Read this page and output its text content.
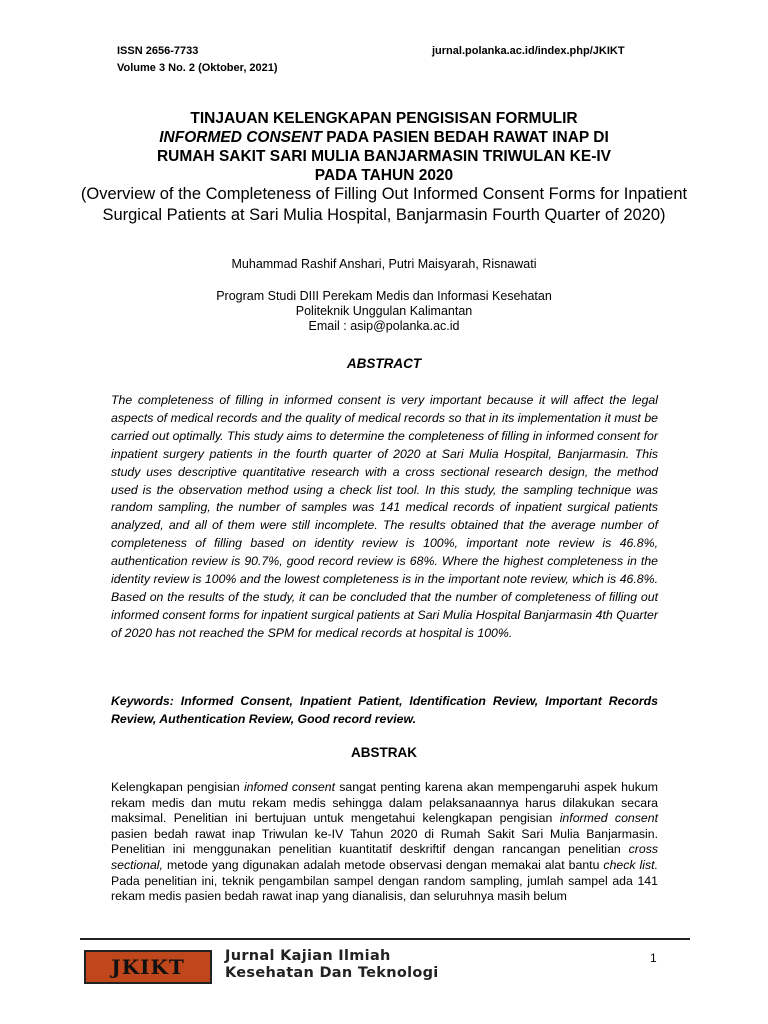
ISSN 2656-7733
Volume 3 No. 2 (Oktober, 2021)
jurnal.polanka.ac.id/index.php/JKIKT
TINJAUAN KELENGKAPAN PENGISISAN FORMULIR
INFORMED CONSENT PADA PASIEN BEDAH RAWAT INAP DI
RUMAH SAKIT SARI MULIA BANJARMASIN TRIWULAN KE-IV
PADA TAHUN 2020
(Overview of the Completeness of Filling Out Informed Consent Forms for Inpatient Surgical Patients at Sari Mulia Hospital, Banjarmasin Fourth Quarter of 2020)
Muhammad Rashif Anshari, Putri Maisyarah, Risnawati
Program Studi DIII Perekam Medis dan Informasi Kesehatan
Politeknik Unggulan Kalimantan
Email : asip@polanka.ac.id
ABSTRACT
The completeness of filling in informed consent is very important because it will affect the legal aspects of medical records and the quality of medical records so that in its implementation it must be carried out optimally. This study aims to determine the completeness of filling in informed consent for inpatient surgery patients in the fourth quarter of 2020 at Sari Mulia Hospital, Banjarmasin. This study uses descriptive quantitative research with a cross sectional research design, the method used is the observation method using a check list tool. In this study, the sampling technique was random sampling, the number of samples was 141 medical records of inpatient surgical patients analyzed, and all of them were still incomplete. The results obtained that the average number of completeness of filling based on identity review is 100%, important note review is 46.8%, authentication review is 90.7%, good record review is 68%. Where the highest completeness in the identity review is 100% and the lowest completeness is in the important note review, which is 46.8%. Based on the results of the study, it can be concluded that the number of completeness of filling out informed consent forms for inpatient surgical patients at Sari Mulia Hospital Banjarmasin 4th Quarter of 2020 has not reached the SPM for medical records at hospital is 100%.
Keywords: Informed Consent, Inpatient Patient, Identification Review, Important Records Review, Authentication Review, Good record review.
ABSTRAK
Kelengkapan pengisian infomed consent sangat penting karena akan mempengaruhi aspek hukum rekam medis dan mutu rekam medis sehingga dalam pelaksanaannya harus dilakukan secara maksimal. Penelitian ini bertujuan untuk mengetahui kelengkapan pengisian informed consent pasien bedah rawat inap Triwulan ke-IV Tahun 2020 di Rumah Sakit Sari Mulia Banjarmasin. Penelitian ini menggunakan penelitian kuantitatif deskriftif dengan rancangan penelitian cross sectional, metode yang digunakan adalah metode observasi dengan memakai alat bantu check list. Pada penelitian ini, teknik pengambilan sampel dengan random sampling, jumlah sampel ada 141 rekam medis pasien bedah rawat inap yang dianalisis, dan seluruhnya masih belum
JKIKT	Jurnal Kajian Ilmiah
Kesehatan Dan Teknologi
1
